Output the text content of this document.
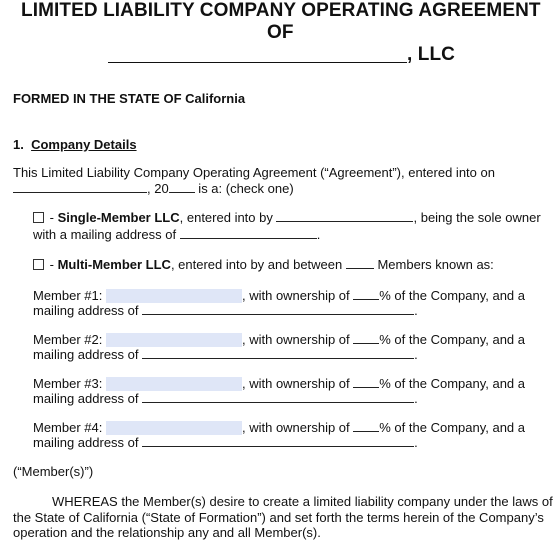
LIMITED LIABILITY COMPANY OPERATING AGREEMENT
OF
, LLC
FORMED IN THE STATE OF California
1. Company Details
This Limited Liability Company Operating Agreement (“Agreement”), entered into on
, 20 is a: (check one)
- Single-Member LLC, entered into by	, being the sole owner
with a mailing address of	.
- Multi-Member LLC, entered into by and between  Members known as:
Member #1:	, with ownership of % of the Company, and a
mailing address of	.
Member #2:	, with ownership of % of the Company, and a
mailing address of	.
Member #3:	, with ownership of % of the Company, and a
mailing address of	.
Member #4:	, with ownership of % of the Company, and a
mailing address of	.
(“Member(s)”)
WHEREAS the Member(s) desire to create a limited liability company under the laws of
the State of California (“State of Formation”) and set forth the terms herein of the Company’s
operation and the relationship any and all Member(s).
